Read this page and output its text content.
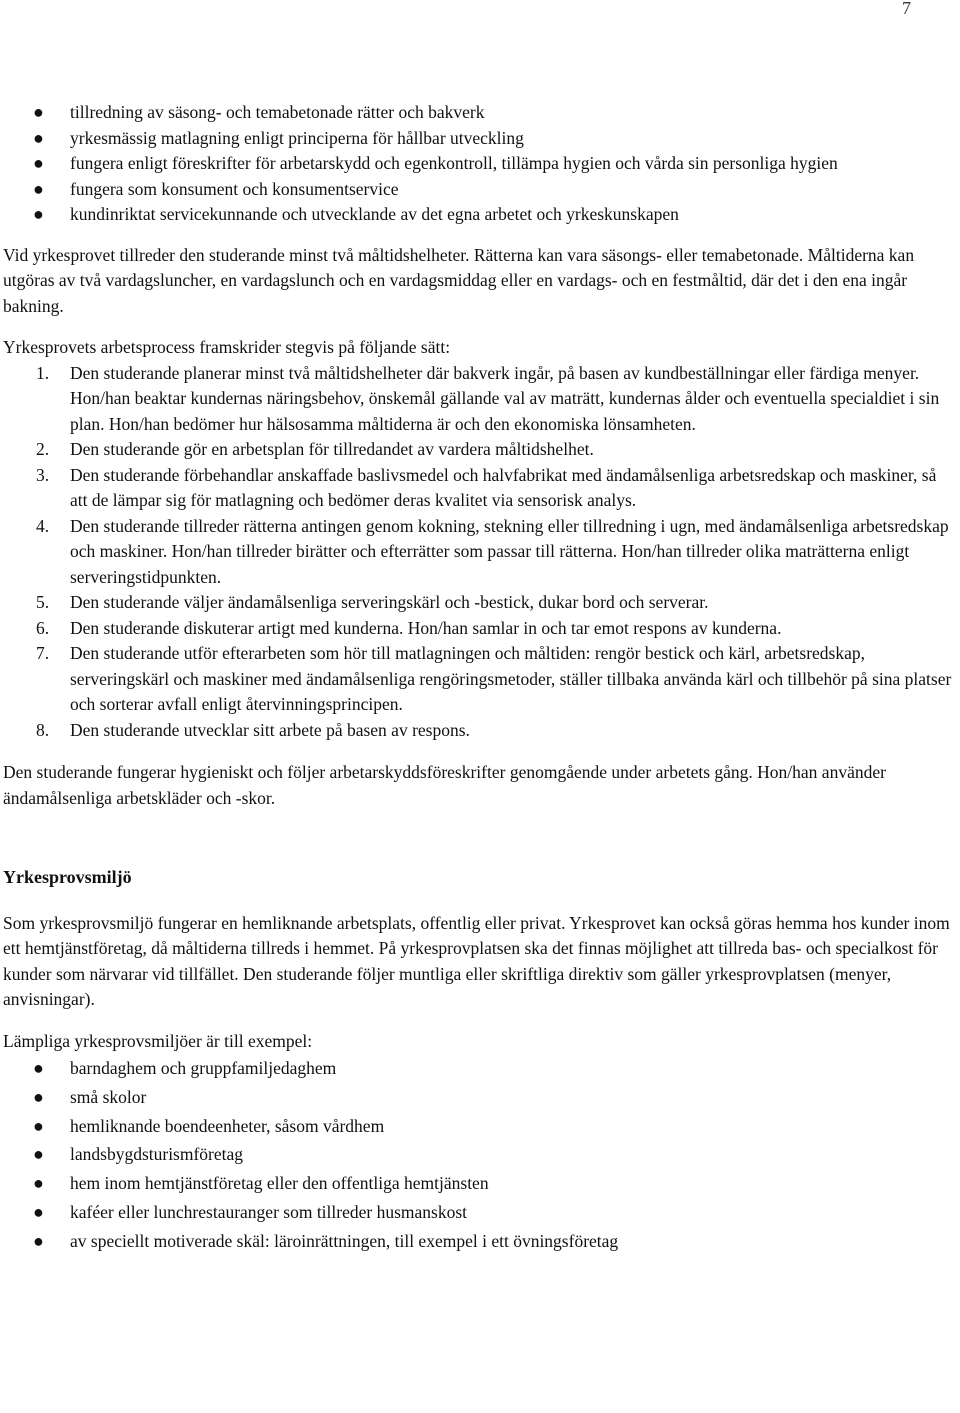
7
● tillredning av säsong- och temabetonade rätter och bakverk
● yrkesmässig matlagning enligt principerna för hållbar utveckling
● fungera enligt föreskrifter för arbetarskydd och egenkontroll, tillämpa hygien och vårda sin personliga hygien
● fungera som konsument och konsumentservice
● kundinriktat servicekunnande och utvecklande av det egna arbetet och yrkeskunskapen

Vid yrkesprovet tillreder den studerande minst två måltidshelheter. Rätterna kan vara säsongs- eller temabetonade. Måltiderna kan utgöras av två vardagsluncher, en vardagslunch och en vardagsmiddag eller en vardags- och en festmåltid, där det i den ena ingår bakning.

Yrkesprovets arbetsprocess framskrider stegvis på följande sätt:

1. Den studerande planerar minst två måltidshelheter där bakverk ingår, på basen av kundbeställningar eller färdiga menyer. Hon/han beaktar kundernas näringsbehov, önskemål gällande val av maträtt, kundernas ålder och eventuella specialdiet i sin plan. Hon/han bedömer hur hälsosamma måltiderna är och den ekonomiska lönsamheten.
2. Den studerande gör en arbetsplan för tillredandet av vardera måltidshelhet.
3. Den studerande förbehandlar anskaffade baslivsmedel och halvfabrikat med ändamålsenliga arbetsredskap och maskiner, så att de lämpar sig för matlagning och bedömer deras kvalitet via sensorisk analys.
4. Den studerande tillreder rätterna antingen genom kokning, stekning eller tillredning i ugn, med ändamålsenliga arbetsredskap och maskiner. Hon/han tillreder birätter och efterrätter som passar till rätterna. Hon/han tillreder olika maträtterna enligt serveringstidpunkten.
5. Den studerande väljer ändamålsenliga serveringskärl och -bestick, dukar bord och serverar.
6. Den studerande diskuterar artigt med kunderna. Hon/han samlar in och tar emot respons av kunderna.
7. Den studerande utför efterarbeten som hör till matlagningen och måltiden: rengör bestick och kärl, arbetsredskap, serveringskärl och maskiner med ändamålsenliga rengöringsmetoder, ställer tillbaka använda kärl och tillbehör på sina platser och sorterar avfall enligt återvinningsprincipen.
8. Den studerande utvecklar sitt arbete på basen av respons.

Den studerande fungerar hygieniskt och följer arbetarskyddsföreskrifter genomgående under arbetets gång. Hon/han använder ändamålsenliga arbetskläder och -skor.

Yrkesprovsmiljö

Som yrkesprovsmiljö fungerar en hemliknande arbetsplats, offentlig eller privat. Yrkesprovet kan också göras hemma hos kunder inom ett hemtjänstföretag, då måltiderna tillreds i hemmet. På yrkesprovplatsen ska det finnas möjlighet att tillreda bas- och specialkost för kunder som närvarar vid tillfället. Den studerande följer muntliga eller skriftliga direktiv som gäller yrkesprovplatsen (menyer, anvisningar).

Lämpliga yrkesprovsmiljöer är till exempel:

● barndaghem och gruppfamiljedaghem
● små skolor
● hemliknande boendeenheter, såsom vårdhem
● landsbygdsturismföretag
● hem inom hemtjänstföretag eller den offentliga hemtjänsten
● kaféer eller lunchrestauranger som tillreder husmanskost
● av speciellt motiverade skäl: läroinrättningen, till exempel i ett övningsföretag
